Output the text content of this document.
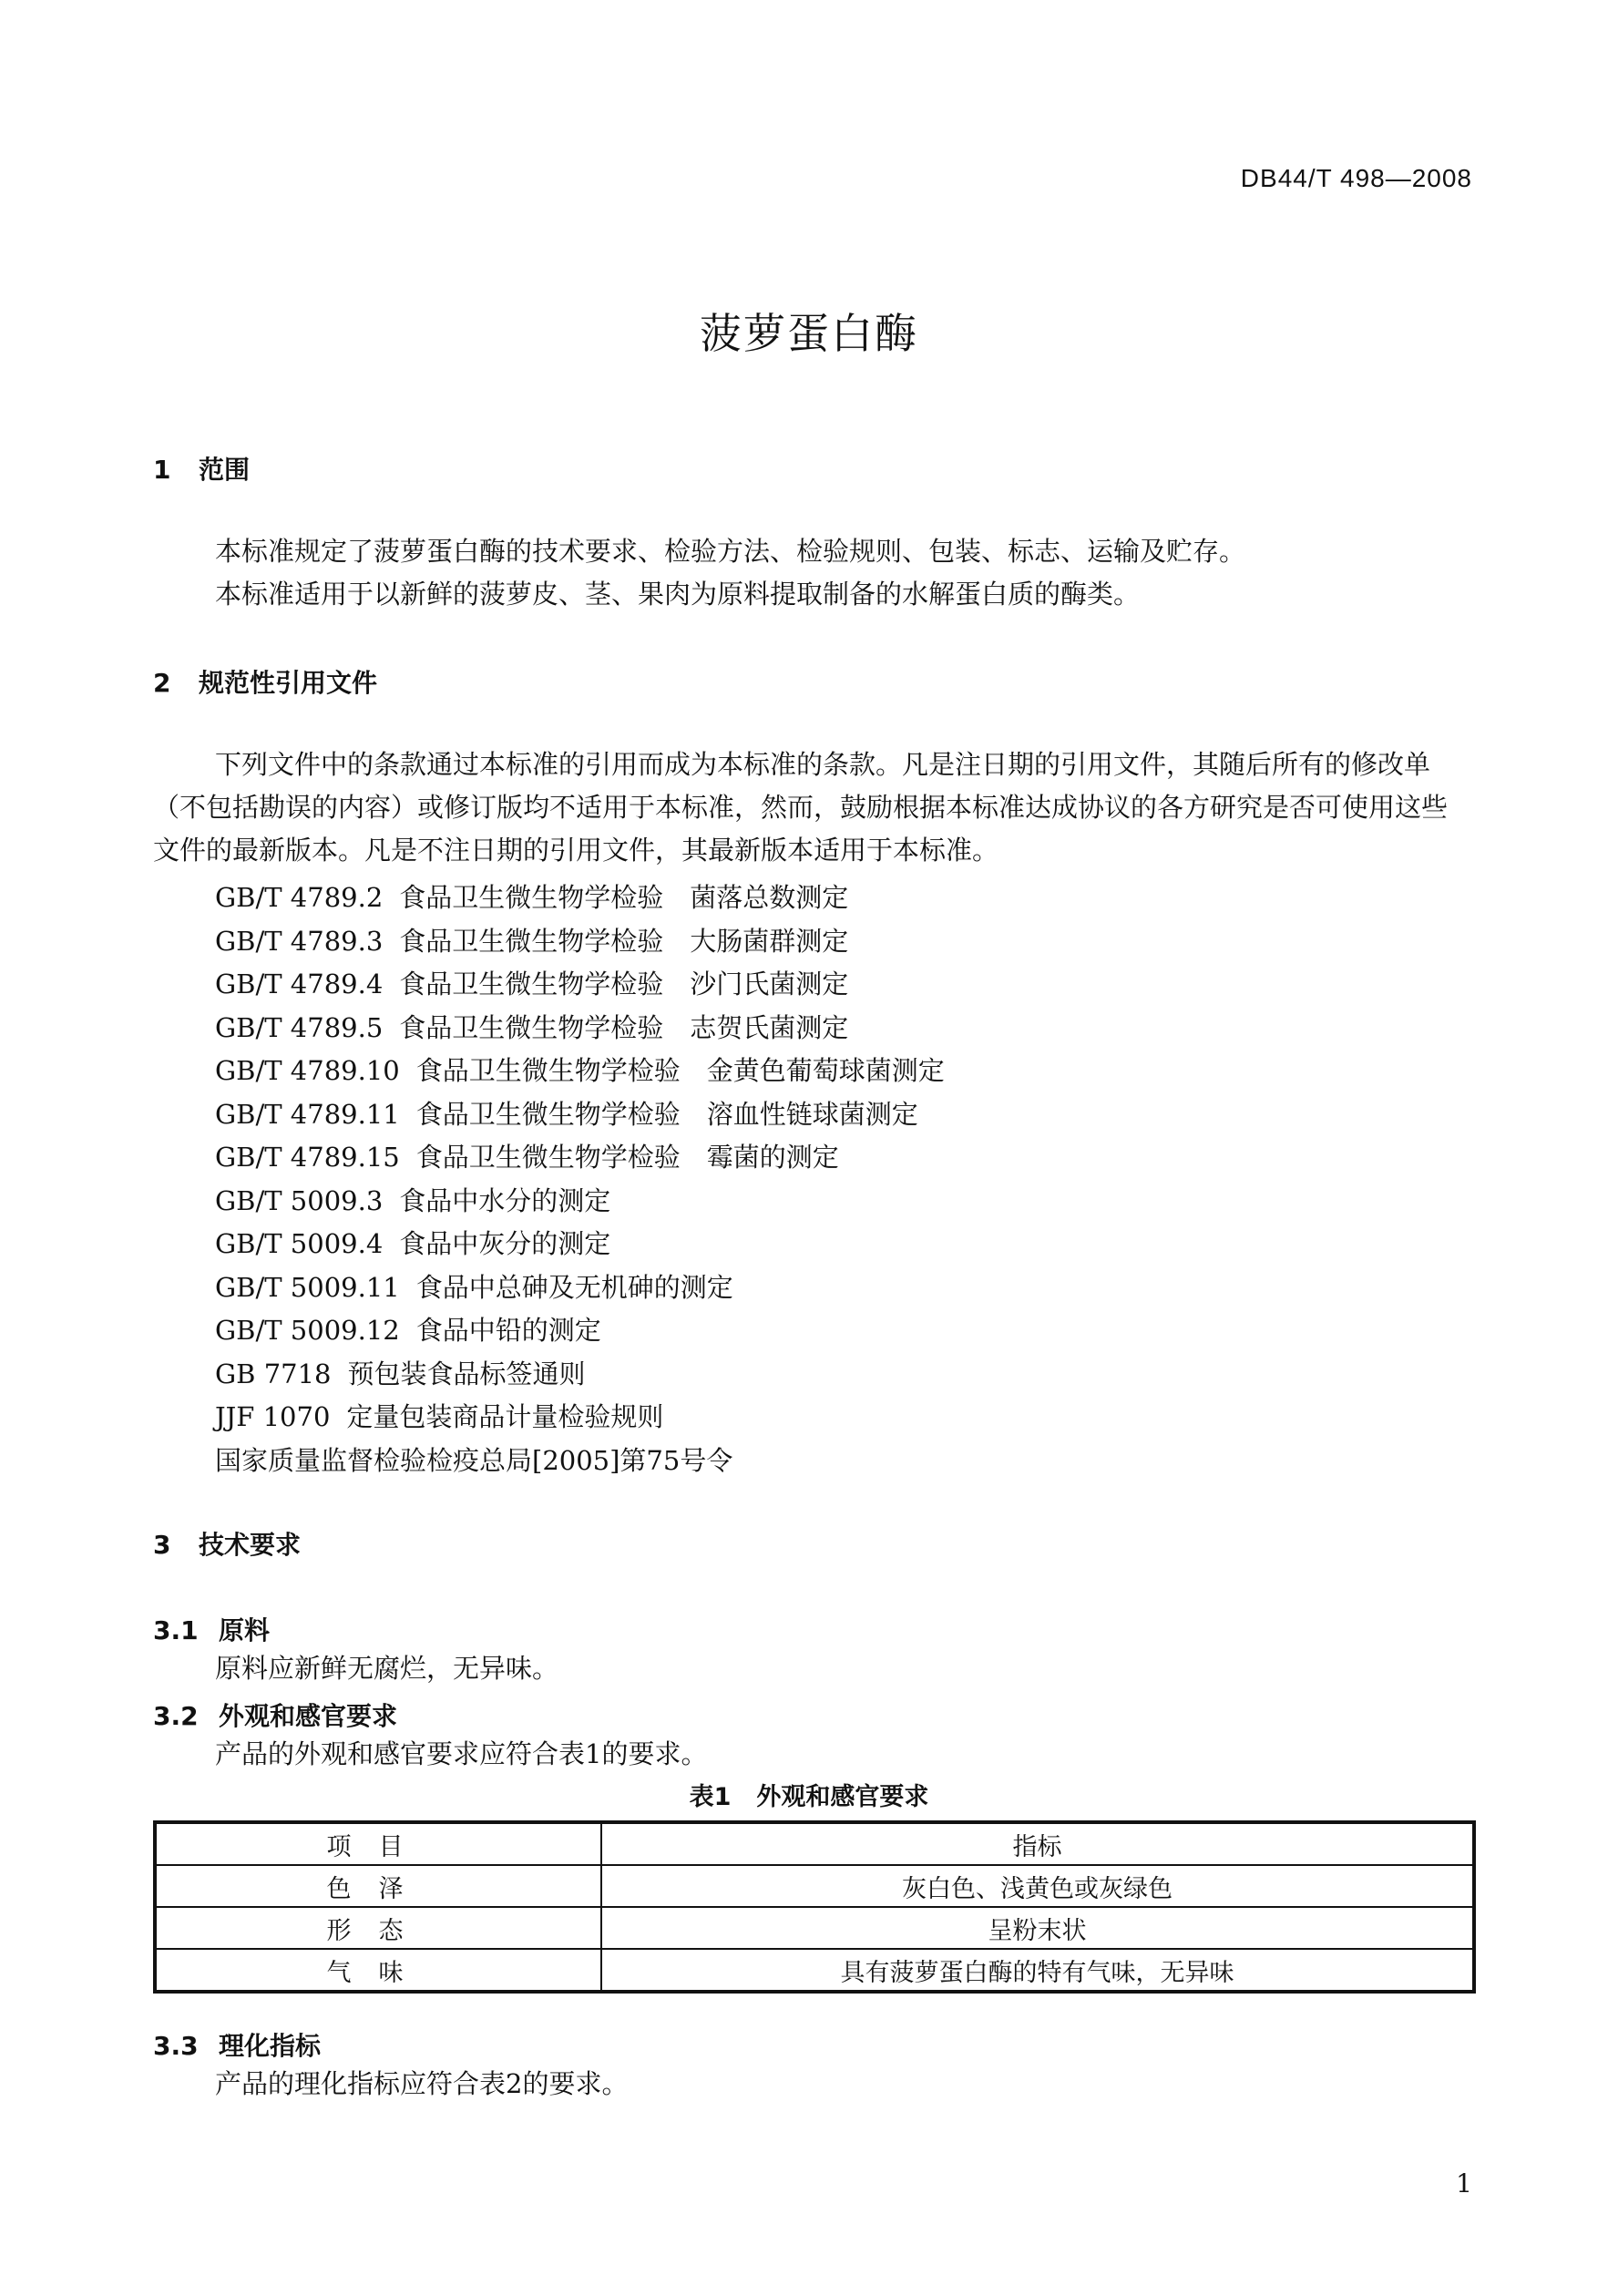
DB44/T 498—2008
菠萝蛋白酶
1 范围

本标准规定了菠萝蛋白酶的技术要求、检验方法、检验规则、包装、标志、运输及贮存。

本标准适用于以新鲜的菠萝皮、茎、果肉为原料提取制备的水解蛋白质的酶类。

2 规范性引用文件

下列文件中的条款通过本标准的引用而成为本标准的条款。凡是注日期的引用文件，其随后所有的修改单（不包括勘误的内容）或修订版均不适用于本标准，然而，鼓励根据本标准达成协议的各方研究是否可使用这些文件的最新版本。凡是不注日期的引用文件，其最新版本适用于本标准。

GB/T 4789.2 食品卫生微生物学检验　菌落总数测定
GB/T 4789.3 食品卫生微生物学检验　大肠菌群测定
GB/T 4789.4 食品卫生微生物学检验　沙门氏菌测定
GB/T 4789.5 食品卫生微生物学检验　志贺氏菌测定
GB/T 4789.10 食品卫生微生物学检验　金黄色葡萄球菌测定
GB/T 4789.11 食品卫生微生物学检验　溶血性链球菌测定
GB/T 4789.15 食品卫生微生物学检验　霉菌的测定
GB/T 5009.3 食品中水分的测定
GB/T 5009.4 食品中灰分的测定
GB/T 5009.11 食品中总砷及无机砷的测定
GB/T 5009.12 食品中铅的测定
GB 7718 预包装食品标签通则
JJF 1070 定量包装商品计量检验规则
国家质量监督检验检疫总局[2005]第75号令
3 技术要求
3.1 原料

原料应新鲜无腐烂，无异味。

3.2 外观和感官要求

产品的外观和感官要求应符合表1的要求。

表1 外观和感官要求
项目	指标
色泽	灰白色、浅黄色或灰绿色
形态	呈粉末状
气味	具有菠萝蛋白酶的特有气味，无异味
3.3 理化指标

产品的理化指标应符合表2的要求。

1
